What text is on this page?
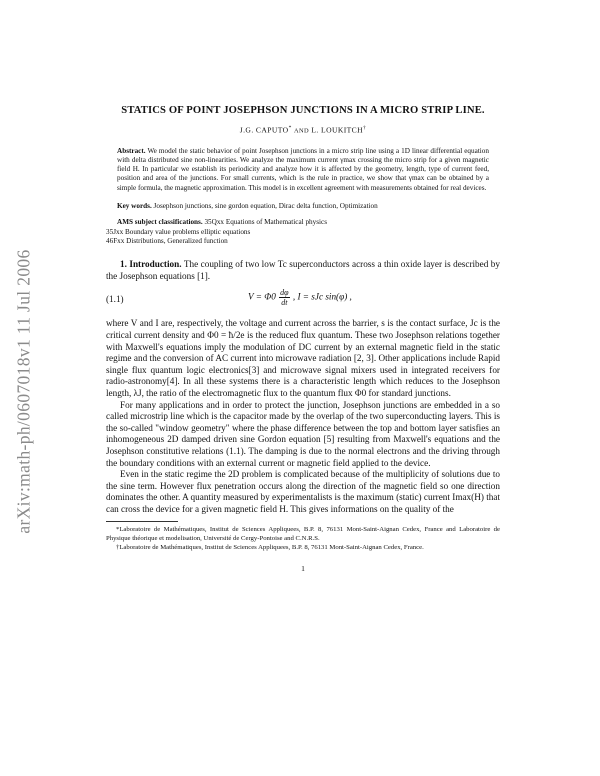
arXiv:math-ph/0607018v1 11 Jul 2006
STATICS OF POINT JOSEPHSON JUNCTIONS IN A MICRO STRIP LINE.
J.G. CAPUTO* AND L. LOUKITCH†
Abstract. We model the static behavior of point Josephson junctions in a micro strip line using a 1D linear differential equation with delta distributed sine non-linearities. We analyze the maximum current γmax crossing the micro strip for a given magnetic field H. In particular we establish its periodicity and analyze how it is affected by the geometry, length, type of current feed, position and area of the junctions. For small currents, which is the rule in practice, we show that γmax can be obtained by a simple formula, the magnetic approximation. This model is in excellent agreement with measurements obtained for real devices.
Key words. Josephson junctions, sine gordon equation, Dirac delta function, Optimization
AMS subject classifications. 35Qxx Equations of Mathematical physics
35Jxx Boundary value problems elliptic equations
46Fxx Distributions, Generalized function

1. Introduction. The coupling of two low Tc superconductors across a thin oxide layer is described by the Josephson equations [1].

(1.1)	$V = \Phi 0 \frac{d\varphi}{dt}$ , I = sJc sin(φ) ,
where V and I are, respectively, the voltage and current across the barrier, s is the contact surface, Jc is the critical current density and Φ0 = ħ/2e is the reduced flux quantum. These two Josephson relations together with Maxwell's equations imply the modulation of DC current by an external magnetic field in the static regime and the conversion of AC current into microwave radiation [2, 3]. Other applications include Rapid single flux quantum logic electronics[3] and microwave signal mixers used in integrated receivers for radio-astronomy[4]. In all these systems there is a characteristic length which reduces to the Josephson length, λJ, the ratio of the electromagnetic flux to the quantum flux Φ0 for standard junctions.

For many applications and in order to protect the junction, Josephson junctions are embedded in a so called microstrip line which is the capacitor made by the overlap of the two superconducting layers. This is the so-called "window geometry" where the phase difference between the top and bottom layer satisfies an inhomogeneous 2D damped driven sine Gordon equation [5] resulting from Maxwell's equations and the Josephson constitutive relations (1.1). The damping is due to the normal electrons and the driving through the boundary conditions with an external current or magnetic field applied to the device.

Even in the static regime the 2D problem is complicated because of the multiplicity of solutions due to the sine term. However flux penetration occurs along the direction of the magnetic field so one direction dominates the other. A quantity measured by experimentalists is the maximum (static) current Imax(H) that can cross the device for a given magnetic field H. This gives informations on the quality of the

*Laboratoire de Mathématiques, Institut de Sciences Appliquees, B.P. 8, 76131 Mont-Saint-Aignan Cedex, France and Laboratoire de Physique théorique et modelisation, Université de Cergy-Pontoise and C.N.R.S.

†Laboratoire de Mathématiques, Institut de Sciences Appliquees, B.P. 8, 76131 Mont-Saint-Aignan Cedex, France.

1
